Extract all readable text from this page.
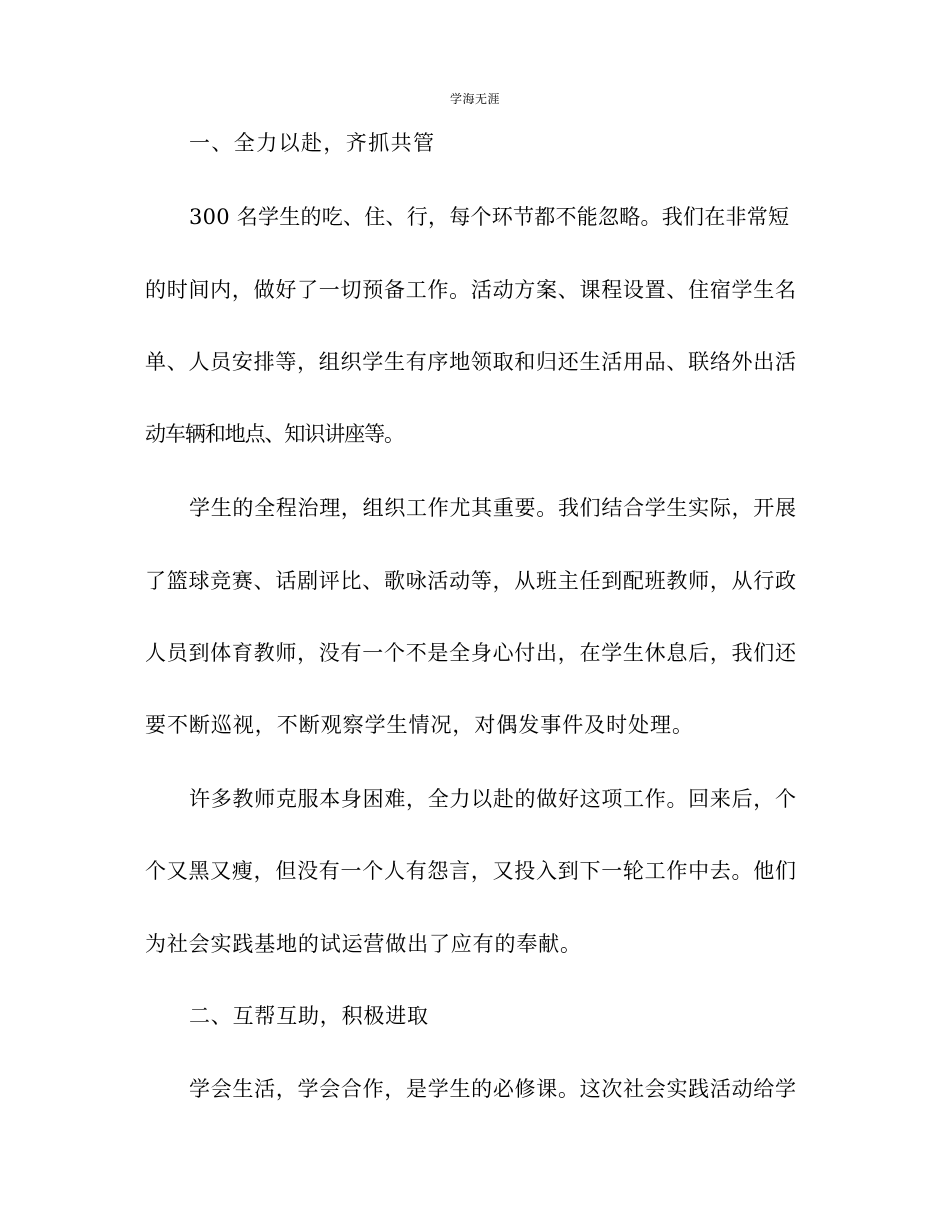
学海无涯
一、全力以赴，齐抓共管
300 名学生的吃、住、行，每个环节都不能忽略。我们在非常短
的时间内，做好了一切预备工作。活动方案、课程设置、住宿学生名
单、人员安排等，组织学生有序地领取和归还生活用品、联络外出活
动车辆和地点、知识讲座等。
学生的全程治理，组织工作尤其重要。我们结合学生实际，开展
了篮球竞赛、话剧评比、歌咏活动等，从班主任到配班教师，从行政
人员到体育教师，没有一个不是全身心付出，在学生休息后，我们还
要不断巡视，不断观察学生情况，对偶发事件及时处理。
许多教师克服本身困难，全力以赴的做好这项工作。回来后，个
个又黑又瘦，但没有一个人有怨言，又投入到下一轮工作中去。他们
为社会实践基地的试运营做出了应有的奉献。
二、互帮互助，积极进取
学会生活，学会合作，是学生的必修课。这次社会实践活动给学
